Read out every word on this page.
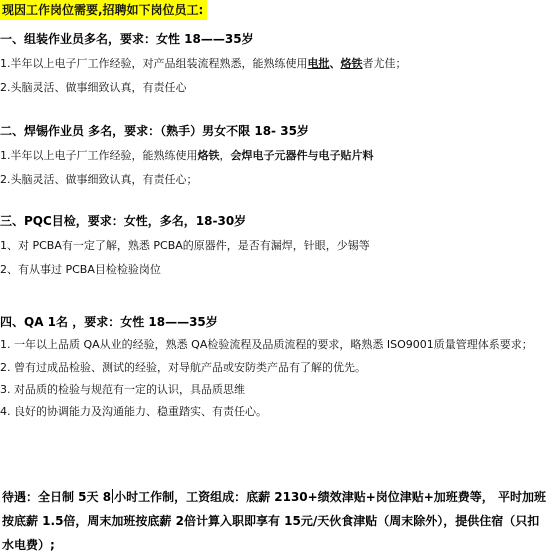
现因工作岗位需要,招聘如下岗位员工:
一、组装作业员多名，要求：女性 18——35岁
1.半年以上电子厂工作经验，对产品组装流程熟悉，能熟练使用电批、烙铁者尤佳；
2.头脑灵活、做事细致认真，有责任心
二、焊锡作业员 多名，要求：（熟手）男女不限 18- 35岁
1.半年以上电子厂工作经验，能熟练使用烙铁，会焊电子元器件与电子贴片料
2.头脑灵活、做事细致认真，有责任心；
三、PQC目检，要求：女性，多名，18-30岁
1、对 PCBA有一定了解，熟悉 PCBA的原器件，是否有漏焊，针眼，少锡等
2、有从事过 PCBA目检检验岗位
四、QA 1名 ，要求：女性 18——35岁
1. 一年以上品质 QA从业的经验，熟悉 QA检验流程及品质流程的要求，略熟悉 ISO9001质量管理体系要求；
2. 曾有过成品检验、测试的经验，对导航产品或安防类产品有了解的优先。
3. 对品质的检验与规范有一定的认识，具品质思维
4. 良好的协调能力及沟通能力、稳重踏实、有责任心。
待遇：全日制 5天 8 小时工作制，工资组成：底薪 2130+绩效津贴+岗位津贴+加班费等， 平时加班按底薪 1.5倍，周末加班按底薪 2倍计算入职即享有 15元/天伙食津贴（周末除外），提供住宿（只扣水电费）;
